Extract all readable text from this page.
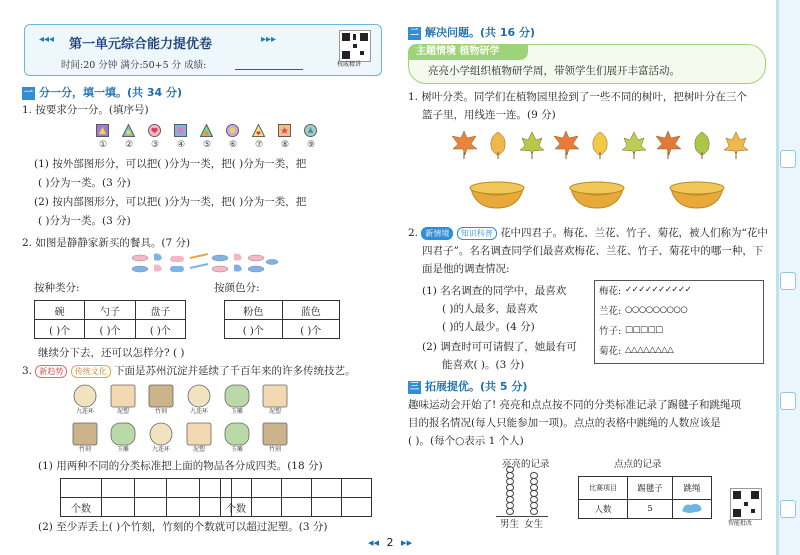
◂◂◂ 第一单元综合能力提优卷	▸▸▸
时间:20 分钟 满分:50+5 分 成绩:	权威精讲
一 分一分，填一填。(共 34 分)
1. 按要求分一分。(填序号)
① ② ③ ④ ⑤ ⑥ ⑦ ⑧ ⑨
(1) 按外部图形分，可以把( )分为一类，把( )分为一类，把
( )分为一类。(3 分)
(2) 按内部图形分，可以把( )分为一类，把( )分为一类，把
( )分为一类。(3 分)
2. 如图是静静家新买的餐具。(7 分)
按种类分:	按颜色分:
碗	勺子	盘子
( )个	( )个	( )个
粉色	蓝色
( )个	( )个
继续分下去，还可以怎样分? ( )
3. 新趋势 传统文化 下面是苏州沉淀并延续了千百年来的许多传统技艺。
九连环	泥塑	竹刻	九连环	玉雕	泥塑
竹刻	玉雕	九连环	泥塑	玉雕	竹刻
(1) 用两种不同的分类标准把上面的物品各分成四类。(18 分)

个数				
					个数				
(2) 至少弄丢上( )个竹刻，竹刻的个数就可以超过泥塑。(3 分)
◂◂ 2 ▸▸
二 解决问题。(共 16 分)
主题情境 植物研学
亮亮小学组织植物研学周，带领学生们展开丰富活动。
1. 树叶分类。同学们在植物园里捡到了一些不同的树叶，把树叶分在三个
篮子里，用线连一连。(9 分)
2. 新情境 知识科普 花中四君子。梅花、兰花、竹子、菊花，被人们称为“花中
四君子”。名名调查同学们最喜欢梅花、兰花、竹子、菊花中的哪一种，下
面是他的调查情况:
(1) 名名调查的同学中，最喜欢
( )的人最多，最喜欢
( )的人最少。(4 分)
(2) 调查时可可请假了，她最有可
能喜欢( )。(3 分)
梅花: ✓✓✓✓✓✓✓✓✓✓
兰花: ○○○○○○○○○
竹子: □□□□□
菊花: △△△△△△△△
三 拓展提优。(共 5 分)
趣味运动会开始了! 亮亮和点点按不同的分类标准记录了踢毽子和跳绳项
目的报名情况(每人只能参加一项)。点点的表格中跳绳的人数应该是
( )。(每个○表示 1 个人)
亮亮的记录
男生 女生
点点的记录
比赛项目	踢毽子	跳绳
人数	5	
智能批改
